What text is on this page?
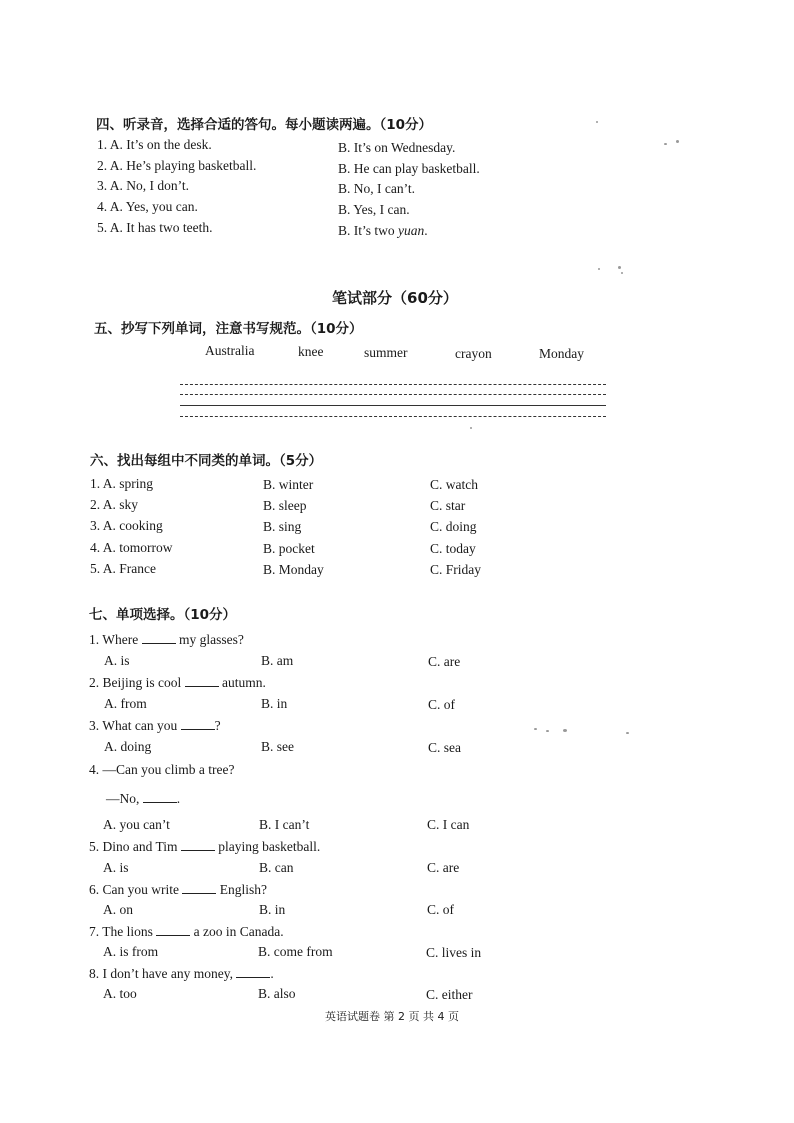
四、听录音，选择合适的答句。每小题读两遍。（10分）
1. A. It’s on the desk.	B. It’s on Wednesday.
2. A. He’s playing basketball.	B. He can play basketball.
3. A. No, I don’t.	B. No, I can’t.
4. A. Yes, you can.	B. Yes, I can.
5. A. It has two teeth.	B. It’s two yuan.
笔试部分（60分）
五、抄写下列单词，注意书写规范。（10分）
Australia	knee	summer	crayon	Monday
六、找出每组中不同类的单词。（5分）
1. A. spring	B. winter	C. watch
2. A. sky	B. sleep	C. star
3. A. cooking	B. sing	C. doing
4. A. tomorrow	B. pocket	C. today
5. A. France	B. Monday	C. Friday
七、单项选择。（10分）
1. Where	my glasses?
A. is	B. am	C. are
2. Beijing is cool	autumn.
A. from	B. in	C. of
3. What can you	?
A. doing	B. see	C. sea
4. —Can you climb a tree?
—No,	.
A. you can’t	B. I can’t	C. I can
5. Dino and Tim	playing basketball.
A. is	B. can	C. are
6. Can you write	English?
A. on	B. in	C. of
7. The lions	a zoo in Canada.
A. is from	B. come from	C. lives in
8. I don’t have any money,	.
A. too	B. also	C. either
英语试题卷 第 2 页 共 4 页
